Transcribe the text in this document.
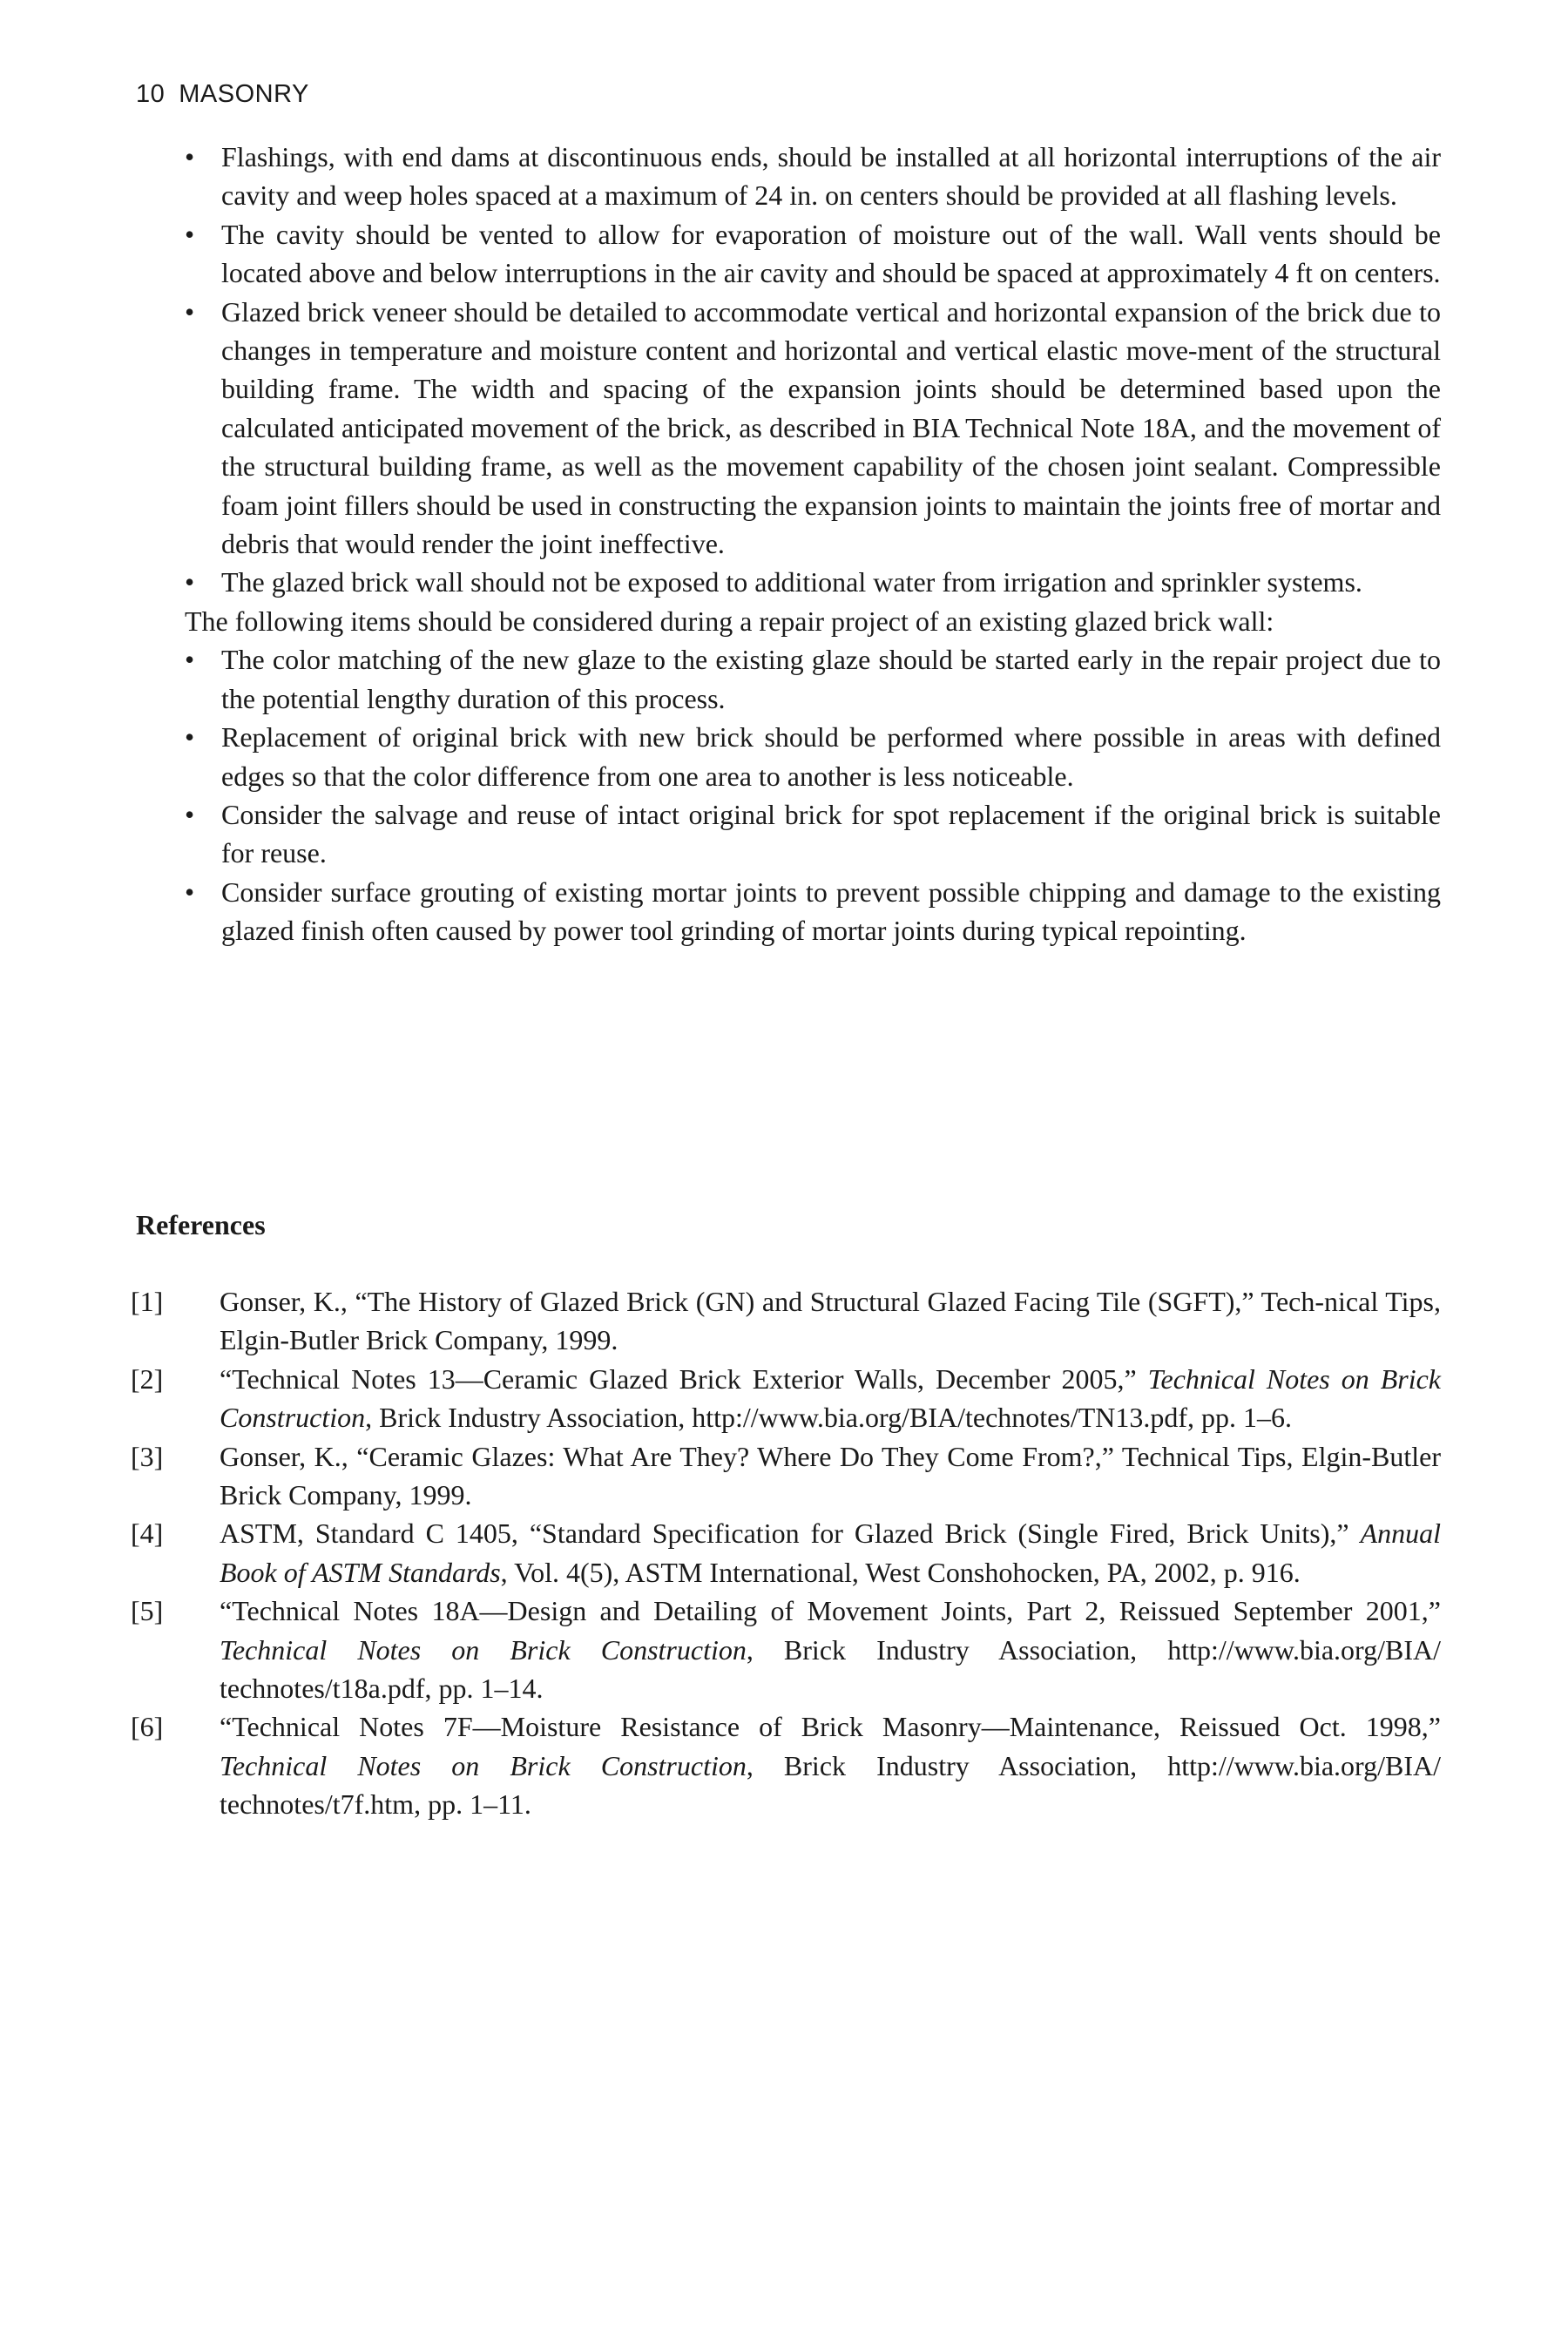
10 MASONRY
• Flashings, with end dams at discontinuous ends, should be installed at all horizontal interruptions of the air cavity and weep holes spaced at a maximum of 24 in. on centers should be provided at all flashing levels.
• The cavity should be vented to allow for evaporation of moisture out of the wall. Wall vents should be located above and below interruptions in the air cavity and should be spaced at approximately 4 ft on centers.
• Glazed brick veneer should be detailed to accommodate vertical and horizontal expansion of the brick due to changes in temperature and moisture content and horizontal and vertical elastic move-ment of the structural building frame. The width and spacing of the expansion joints should be determined based upon the calculated anticipated movement of the brick, as described in BIA Technical Note 18A, and the movement of the structural building frame, as well as the movement capability of the chosen joint sealant. Compressible foam joint fillers should be used in constructing the expansion joints to maintain the joints free of mortar and debris that would render the joint ineffective.
• The glazed brick wall should not be exposed to additional water from irrigation and sprinkler systems.

The following items should be considered during a repair project of an existing glazed brick wall:

• The color matching of the new glaze to the existing glaze should be started early in the repair project due to the potential lengthy duration of this process.
• Replacement of original brick with new brick should be performed where possible in areas with defined edges so that the color difference from one area to another is less noticeable.
• Consider the salvage and reuse of intact original brick for spot replacement if the original brick is suitable for reuse.
• Consider surface grouting of existing mortar joints to prevent possible chipping and damage to the existing glazed finish often caused by power tool grinding of mortar joints during typical repointing.
References
[1] Gonser, K., “The History of Glazed Brick (GN) and Structural Glazed Facing Tile (SGFT),” Tech-nical Tips, Elgin-Butler Brick Company, 1999.
[2] “Technical Notes 13—Ceramic Glazed Brick Exterior Walls, December 2005,” Technical Notes on Brick Construction, Brick Industry Association, http://www.bia.org/BIA/technotes/TN13.pdf, pp. 1–6.
[3] Gonser, K., “Ceramic Glazes: What Are They? Where Do They Come From?,” Technical Tips, Elgin-Butler Brick Company, 1999.
[4] ASTM, Standard C 1405, “Standard Specification for Glazed Brick (Single Fired, Brick Units),” Annual Book of ASTM Standards, Vol. 4(5), ASTM International, West Conshohocken, PA, 2002, p. 916.
[5] “Technical Notes 18A—Design and Detailing of Movement Joints, Part 2, Reissued September 2001,” Technical Notes on Brick Construction, Brick Industry Association, http://www.bia.org/BIA/ technotes/t18a.pdf, pp. 1–14.
[6] “Technical Notes 7F—Moisture Resistance of Brick Masonry—Maintenance, Reissued Oct. 1998,” Technical Notes on Brick Construction, Brick Industry Association, http://www.bia.org/BIA/ technotes/t7f.htm, pp. 1–11.
